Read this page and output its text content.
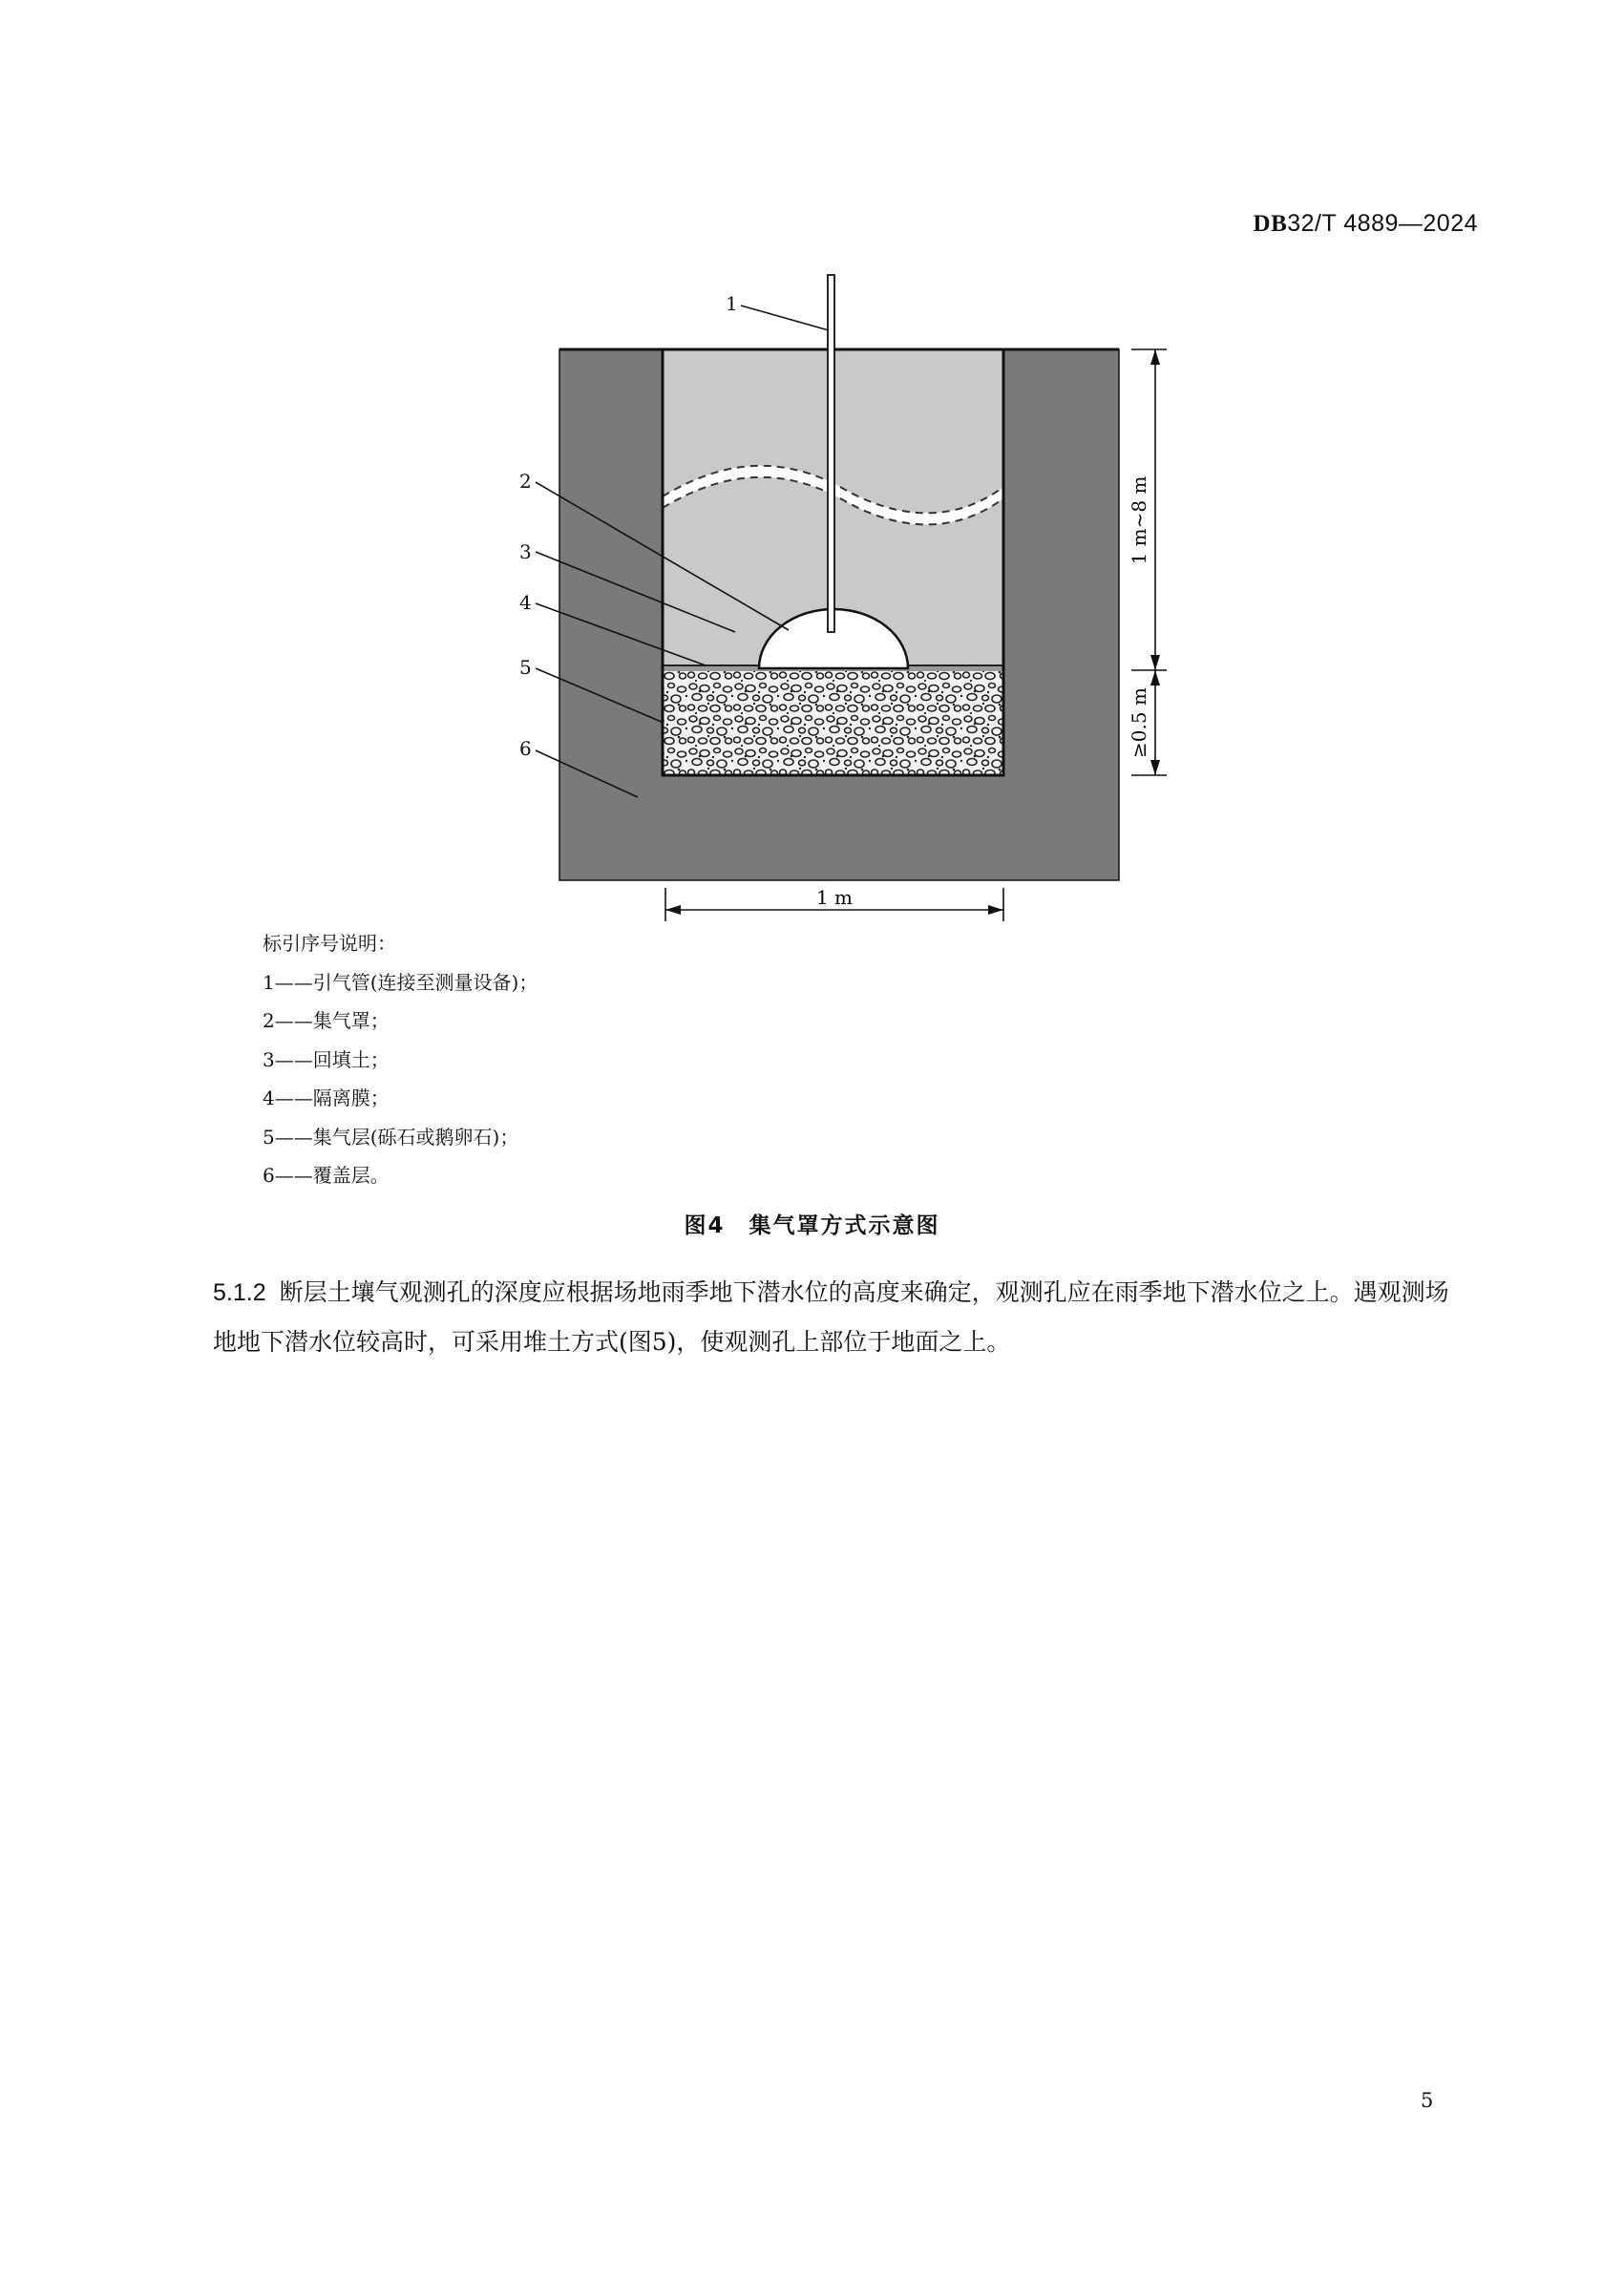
DB32/T 4889—2024
1
2
3
4
5
6
1 m~8 m
≥0.5 m
1 m
标引序号说明：
1——引气管(连接至测量设备)；
2——集气罩；
3——回填土；
4——隔离膜；
5——集气层(砾石或鹅卵石)；
6——覆盖层。
图4　集气罩方式示意图
5.1.2 断层土壤气观测孔的深度应根据场地雨季地下潜水位的高度来确定，观测孔应在雨季地下潜水位之上。遇观测场地地下潜水位较高时，可采用堆土方式(图5)，使观测孔上部位于地面之上。
5
